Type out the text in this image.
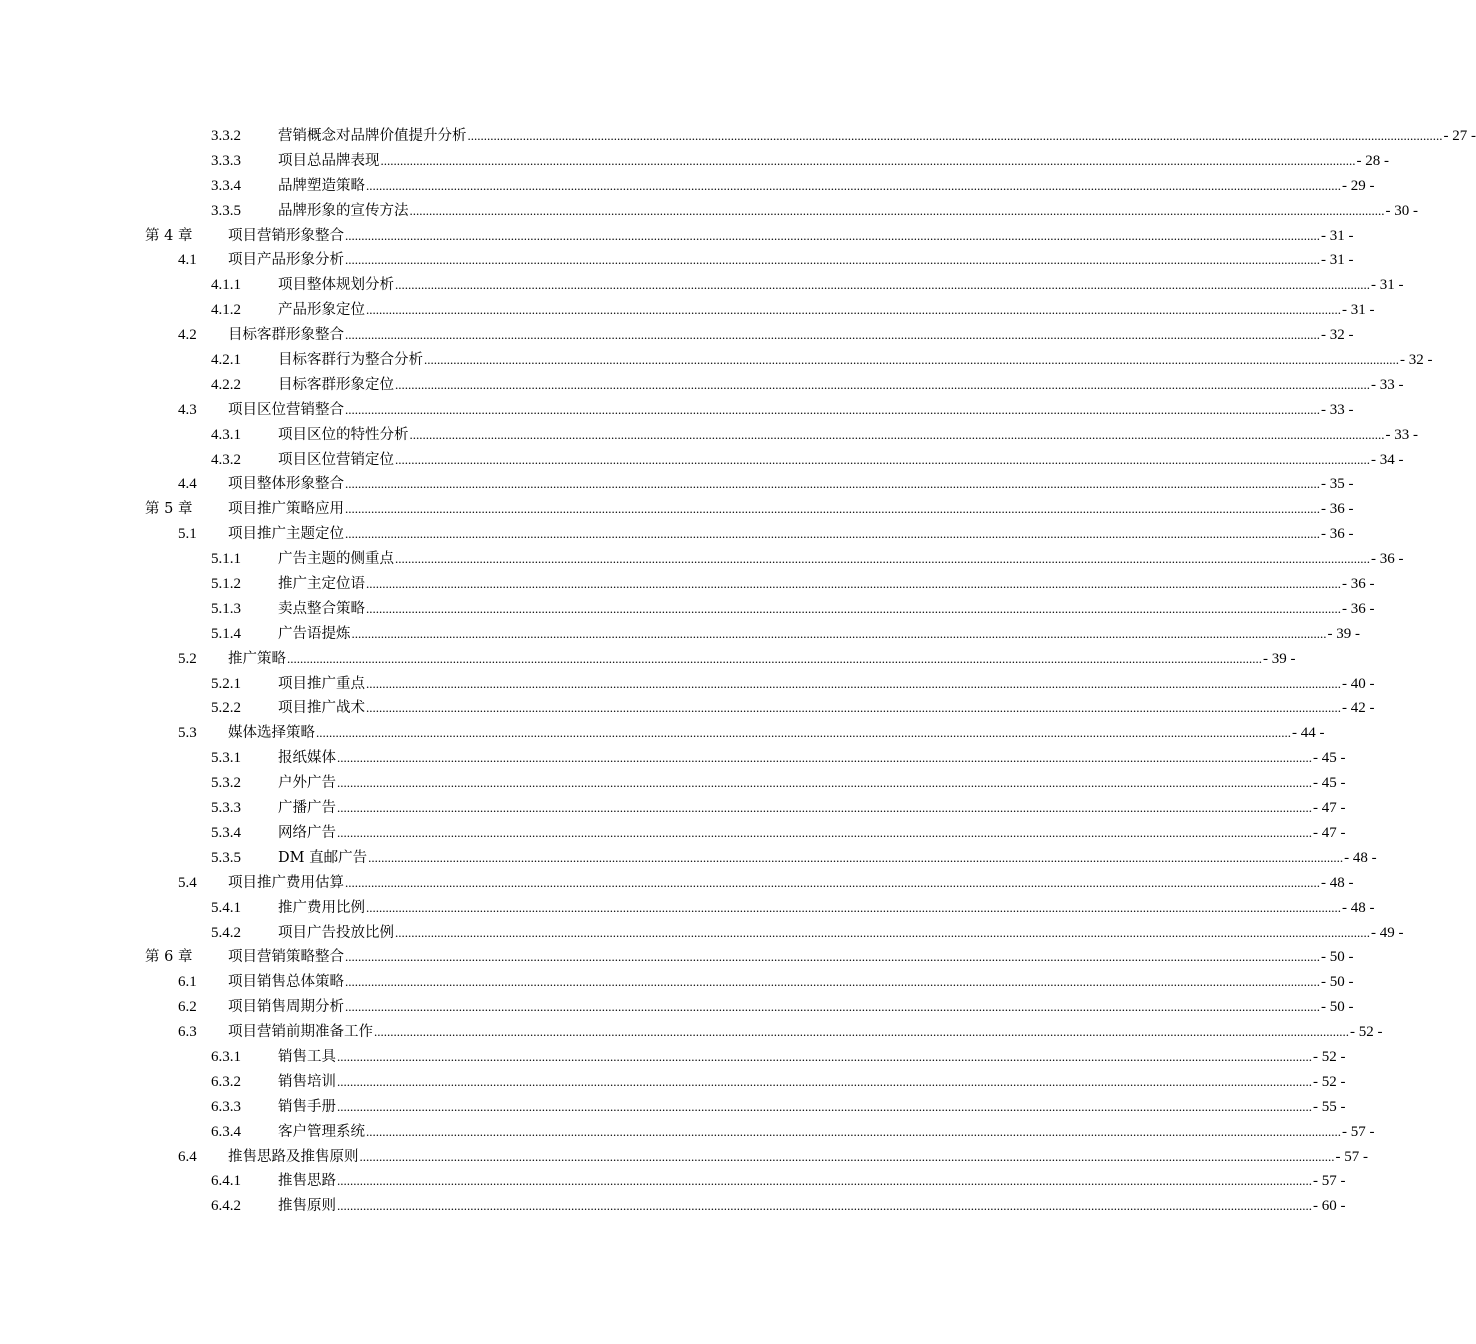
3.3.2	营销概念对品牌价值提升分析 ............................................................................................................................................................................................................................................................................................................ - 27 -
3.3.3	项目总品牌表现 ............................................................................................................................................................................................................................................................................................................ - 28 -
3.3.4	品牌塑造策略 ............................................................................................................................................................................................................................................................................................................ - 29 -
3.3.5	品牌形象的宣传方法 ............................................................................................................................................................................................................................................................................................................ - 30 -
第 4 章 项目营销形象整合 ............................................................................................................................................................................................................................................................................................................ - 31 -
4.1 项目产品形象分析 ............................................................................................................................................................................................................................................................................................................ - 31 -
4.1.1	项目整体规划分析 ............................................................................................................................................................................................................................................................................................................ - 31 -
4.1.2	产品形象定位 ............................................................................................................................................................................................................................................................................................................ - 31 -
4.2 目标客群形象整合 ............................................................................................................................................................................................................................................................................................................ - 32 -
4.2.1	目标客群行为整合分析 ............................................................................................................................................................................................................................................................................................................ - 32 -
4.2.2	目标客群形象定位 ............................................................................................................................................................................................................................................................................................................ - 33 -
4.3 项目区位营销整合 ............................................................................................................................................................................................................................................................................................................ - 33 -
4.3.1	项目区位的特性分析 ............................................................................................................................................................................................................................................................................................................ - 33 -
4.3.2	项目区位营销定位 ............................................................................................................................................................................................................................................................................................................ - 34 -
4.4 项目整体形象整合 ............................................................................................................................................................................................................................................................................................................ - 35 -
第 5 章 项目推广策略应用 ............................................................................................................................................................................................................................................................................................................ - 36 -
5.1 项目推广主题定位 ............................................................................................................................................................................................................................................................................................................ - 36 -
5.1.1	广告主题的侧重点 ............................................................................................................................................................................................................................................................................................................ - 36 -
5.1.2	推广主定位语 ............................................................................................................................................................................................................................................................................................................ - 36 -
5.1.3	卖点整合策略 ............................................................................................................................................................................................................................................................................................................ - 36 -
5.1.4	广告语提炼 ............................................................................................................................................................................................................................................................................................................ - 39 -
5.2 推广策略 ............................................................................................................................................................................................................................................................................................................ - 39 -
5.2.1	项目推广重点 ............................................................................................................................................................................................................................................................................................................ - 40 -
5.2.2	项目推广战术 ............................................................................................................................................................................................................................................................................................................ - 42 -
5.3 媒体选择策略 ............................................................................................................................................................................................................................................................................................................ - 44 -
5.3.1	报纸媒体 ............................................................................................................................................................................................................................................................................................................ - 45 -
5.3.2	户外广告 ............................................................................................................................................................................................................................................................................................................ - 45 -
5.3.3	广播广告 ............................................................................................................................................................................................................................................................................................................ - 47 -
5.3.4	网络广告 ............................................................................................................................................................................................................................................................................................................ - 47 -
5.3.5	DM 直邮广告 ............................................................................................................................................................................................................................................................................................................ - 48 -
5.4 项目推广费用估算 ............................................................................................................................................................................................................................................................................................................ - 48 -
5.4.1	推广费用比例 ............................................................................................................................................................................................................................................................................................................ - 48 -
5.4.2	项目广告投放比例 ............................................................................................................................................................................................................................................................................................................ - 49 -
第 6 章 项目营销策略整合 ............................................................................................................................................................................................................................................................................................................ - 50 -
6.1 项目销售总体策略 ............................................................................................................................................................................................................................................................................................................ - 50 -
6.2 项目销售周期分析 ............................................................................................................................................................................................................................................................................................................ - 50 -
6.3 项目营销前期准备工作 ............................................................................................................................................................................................................................................................................................................ - 52 -
6.3.1	销售工具 ............................................................................................................................................................................................................................................................................................................ - 52 -
6.3.2	销售培训 ............................................................................................................................................................................................................................................................................................................ - 52 -
6.3.3	销售手册 ............................................................................................................................................................................................................................................................................................................ - 55 -
6.3.4	客户管理系统 ............................................................................................................................................................................................................................................................................................................ - 57 -
6.4 推售思路及推售原则 ............................................................................................................................................................................................................................................................................................................ - 57 -
6.4.1	推售思路 ............................................................................................................................................................................................................................................................................................................ - 57 -
6.4.2	推售原则 ............................................................................................................................................................................................................................................................................................................ - 60 -
